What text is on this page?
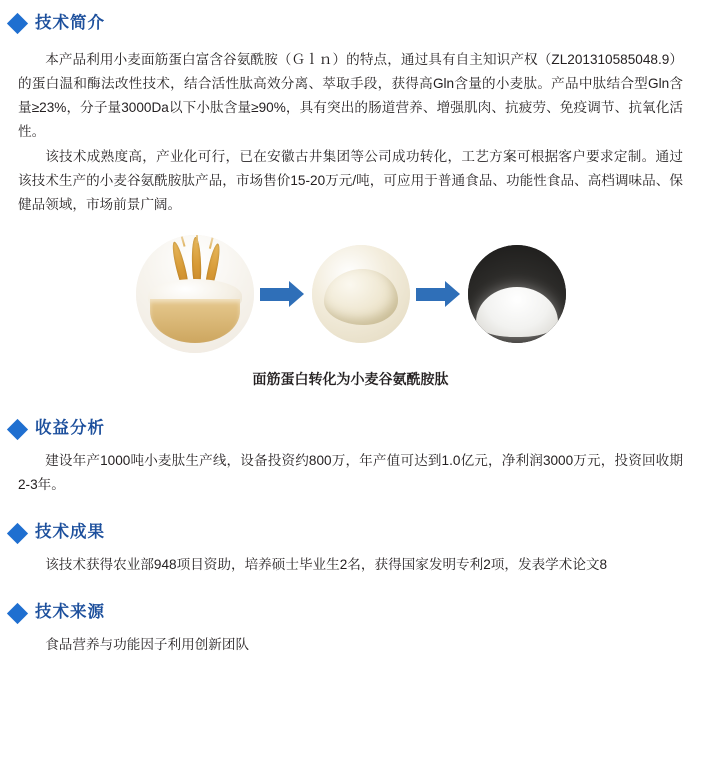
技术简介

本产品利用小麦面筋蛋白富含谷氨酰胺（Ｇｌｎ）的特点，通过具有自主知识产权（ZL201310585048.9）的蛋白温和酶法改性技术，结合活性肽高效分离、萃取手段，获得高Gln含量的小麦肽。产品中肽结合型Gln含量≥23%，分子量3000Da以下小肽含量≥90%，具有突出的肠道营养、增强肌肉、抗疲劳、免疫调节、抗氧化活性。

该技术成熟度高，产业化可行，已在安徽古井集团等公司成功转化，工艺方案可根据客户要求定制。通过该技术生产的小麦谷氨酰胺肽产品，市场售价15-20万元/吨，可应用于普通食品、功能性食品、高档调味品、保健品领域，市场前景广阔。

面筋蛋白转化为小麦谷氨酰胺肽
收益分析

建设年产1000吨小麦肽生产线，设备投资约800万，年产值可达到1.0亿元，净利润3000万元，投资回收期2-3年。

技术成果

该技术获得农业部948项目资助，培养硕士毕业生2名，获得国家发明专利2项，发表学术论文8

技术来源

食品营养与功能因子利用创新团队
